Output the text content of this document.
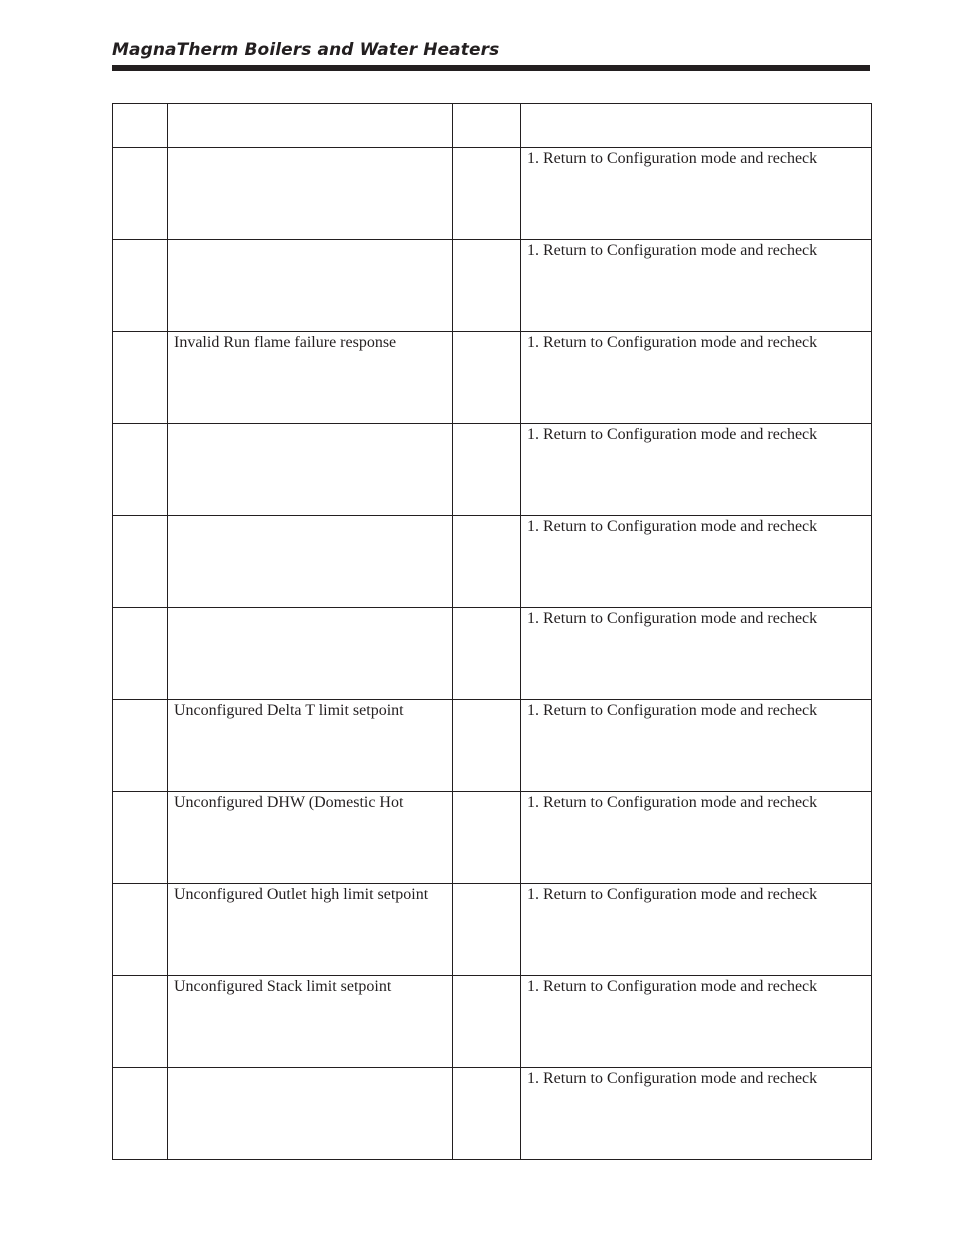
MagnaTherm Boilers and Water Heaters

			1. Return to Configuration mode and recheck

			1. Return to Configuration mode and recheck

	Invalid Run flame failure response		1. Return to Configuration mode and recheck

			1. Return to Configuration mode and recheck

			1. Return to Configuration mode and recheck

			1. Return to Configuration mode and recheck

	Unconfigured Delta T limit setpoint		1. Return to Configuration mode and recheck

	Unconfigured DHW (Domestic Hot		1. Return to Configuration mode and recheck

	Unconfigured Outlet high limit setpoint		1. Return to Configuration mode and recheck

	Unconfigured Stack limit setpoint		1. Return to Configuration mode and recheck

			1. Return to Configuration mode and recheck
